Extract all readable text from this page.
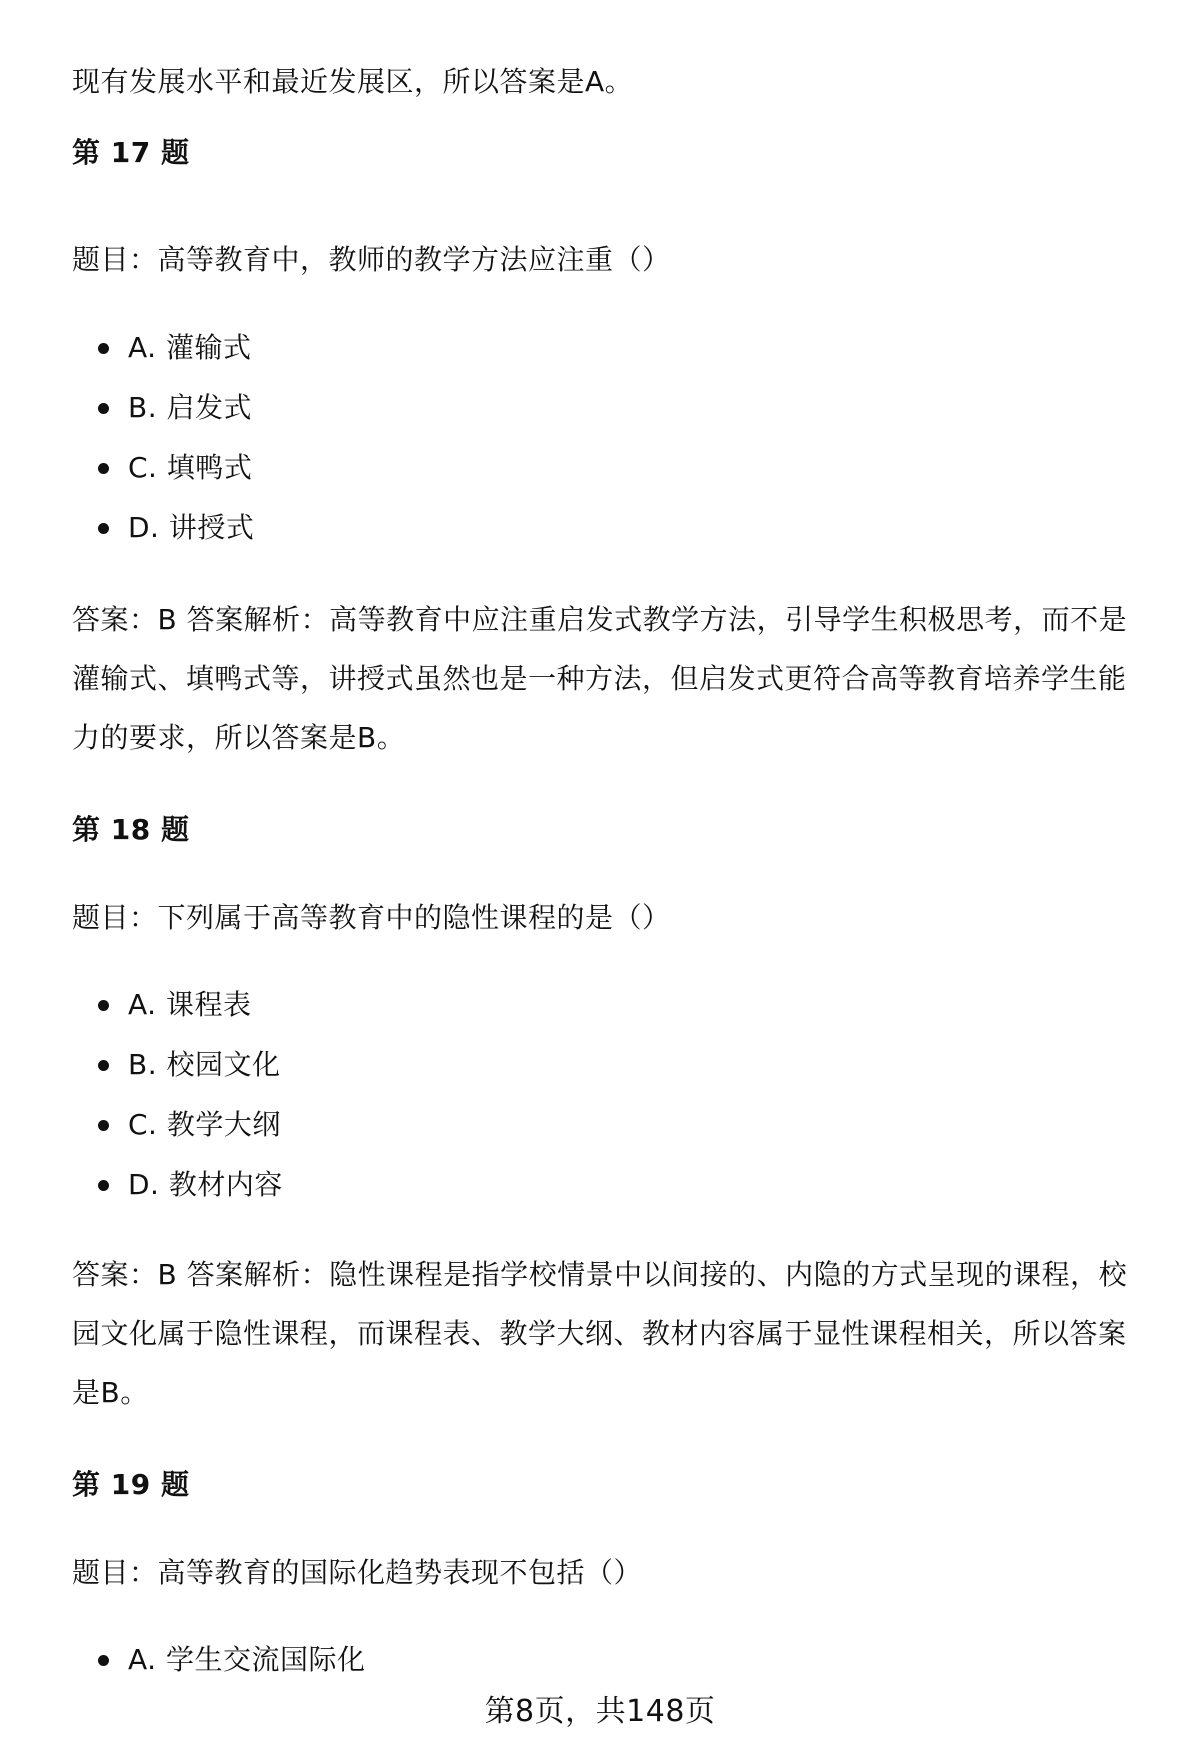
现有发展水平和最近发展区，所以答案是A。

第 17 题

题目：高等教育中，教师的教学方法应注重（）

A. 灌输式
B. 启发式
C. 填鸭式
D. 讲授式

答案：B 答案解析：高等教育中应注重启发式教学方法，引导学生积极思考，而不是灌输式、填鸭式等，讲授式虽然也是一种方法，但启发式更符合高等教育培养学生能力的要求，所以答案是B。

第 18 题

题目：下列属于高等教育中的隐性课程的是（）

A. 课程表
B. 校园文化
C. 教学大纲
D. 教材内容

答案：B 答案解析：隐性课程是指学校情景中以间接的、内隐的方式呈现的课程，校园文化属于隐性课程，而课程表、教学大纲、教材内容属于显性课程相关，所以答案是B。

第 19 题

题目：高等教育的国际化趋势表现不包括（）

A. 学生交流国际化
第8页，共148页
